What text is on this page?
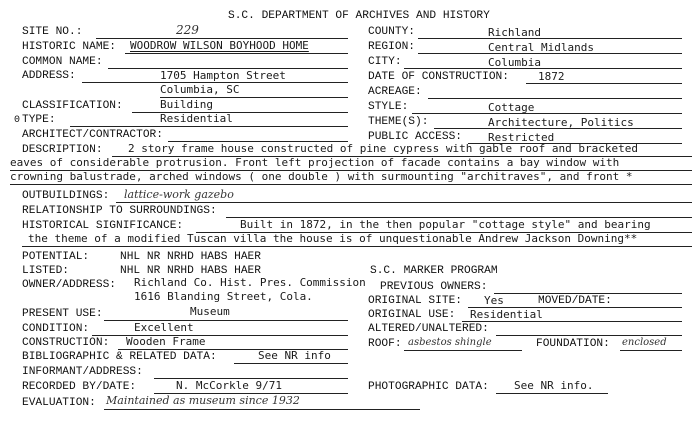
S.C. DEPARTMENT OF ARCHIVES AND HISTORY
SITE NO.:	229
HISTORIC NAME: WOODROW WILSON BOYHOOD HOME
COMMON NAME:
ADDRESS:	1705 Hampton Street
Columbia, SC
CLASSIFICATION:	Building
0 TYPE:	Residential
ARCHITECT/CONTRACTOR:
COUNTY:	Richland
REGION:	Central Midlands
CITY:	Columbia
DATE OF CONSTRUCTION:	1872
ACREAGE:
STYLE:	Cottage
THEME(S):	Architecture, Politics
PUBLIC ACCESS: Restricted
DESCRIPTION: 2 story frame house constructed of pine cypress with gable roof and bracketed
eaves of considerable protrusion. Front left projection of facade contains a bay window with
crowning balustrade, arched windows ( one double ) with surmounting "architraves", and front *
OUTBUILDINGS: lattice-work gazebo
RELATIONSHIP TO SURROUNDINGS:
HISTORICAL SIGNIFICANCE:	Built in 1872, in the then popular "cottage style" and bearing
the theme of a modified Tuscan villa the house is of unquestionable Andrew Jackson Downing**
POTENTIAL:	NHL NR NRHD HABS HAER
LISTED:	NHL NR NRHD HABS HAER	S.C. MARKER PROGRAM
OWNER/ADDRESS: Richland Co. Hist. Pres. Commission
1616 Blanding Street, Cola.
PREVIOUS OWNERS:
ORIGINAL SITE: Yes	MOVED/DATE:
PRESENT USE:	Museum	ORIGINAL USE: Residential
CONDITION:	Excellent	ALTERED/UNALTERED:
CONSTRUCTION: Wooden Frame	ROOF: asbestos shingle	FOUNDATION: enclosed
BIBLIOGRAPHIC & RELATED DATA:	See NR info
INFORMANT/ADDRESS:
RECORDED BY/DATE:	N. McCorkle 9/71	PHOTOGRAPHIC DATA: See NR info.
EVALUATION: Maintained as museum since 1932
